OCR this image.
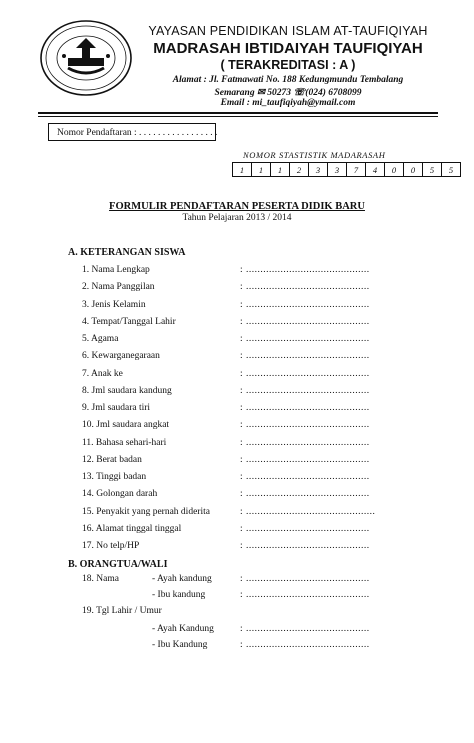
YAYASAN PENDIDIKAN ISLAM AT-TAUFIQIYAH
MADRASAH IBTIDAIYAH TAUFIQIYAH
( TERAKREDITASI : A )
Alamat : Jl. Fatmawati No. 188 Kedungmundu Tembalang
Semarang ✉ 50273 ☏(024) 6708099
Email : mi_taufiqiyah@ymail.com
Nomor Pendaftaran : . . . . . . . . . . . . . . . . .
NOMOR STASTISTIK MADARASAH
1	1	1	2	3	3	7	4	0	0	5	5
FORMULIR PENDAFTARAN PESERTA DIDIK BARU
Tahun Pelajaran 2013 / 2014
A. KETERANGAN SISWA
1. Nama Lengkap	: ...........................................
2. Nama Panggilan	: ...........................................
3. Jenis Kelamin	: ...........................................
4. Tempat/Tanggal Lahir	: ...........................................
5. Agama	: ...........................................
6. Kewarganegaraan	: ...........................................
7. Anak ke	: ...........................................
8. Jml saudara kandung	: ...........................................
9. Jml saudara tiri	: ...........................................
10. Jml saudara angkat	: ...........................................
11. Bahasa sehari-hari	: ...........................................
12. Berat badan	: ...........................................
13. Tinggi badan	: ...........................................
14. Golongan darah	: ...........................................
15. Penyakit yang pernah diderita	: .............................................
16. Alamat tinggal tinggal	: ...........................................
17. No telp/HP	: ...........................................
B. ORANGTUA/WALI
18. Nama	- Ayah kandung	: ...........................................
- Ibu kandung	: ...........................................
19. Tgl Lahir / Umur
- Ayah Kandung	: ...........................................
- Ibu Kandung	: ...........................................
